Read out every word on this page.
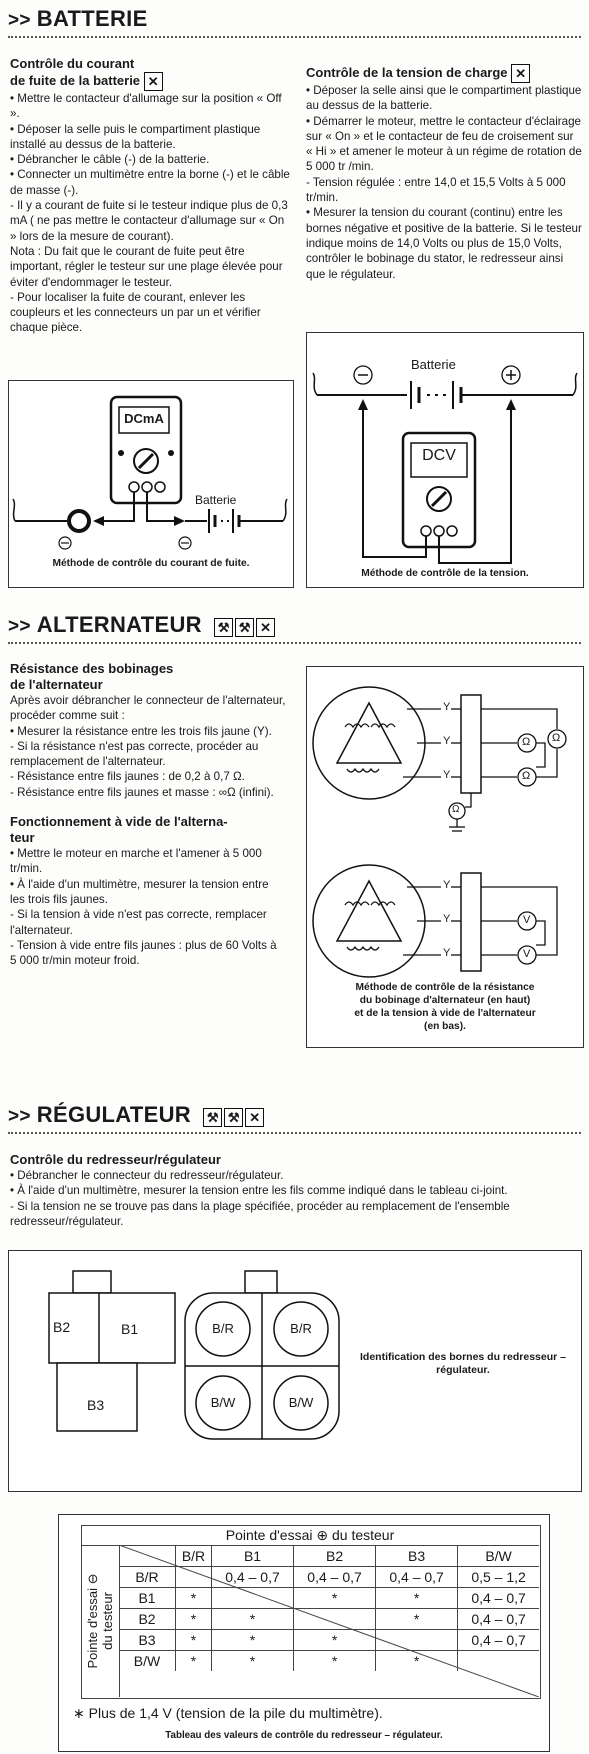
>> BATTERIE

Contrôle du courant

de fuite de la batterie ✕

• Mettre le contacteur d'allumage sur la position « Off ».

• Déposer la selle puis le compartiment plastique installé au dessus de la batterie.

• Débrancher le câble (-) de la batterie.

• Connecter un multimètre entre la borne (-) et le câble de masse (-).

- Il y a courant de fuite si le testeur indique plus de 0,3 mA ( ne pas mettre le contacteur d'allumage sur « On » lors de la mesure de courant).

Nota : Du fait que le courant de fuite peut être important, régler le testeur sur une plage élevée pour éviter d'endommager le testeur.

- Pour localiser la fuite de courant, enlever les coupleurs et les connecteurs un par un et vérifier chaque pièce.

Contrôle de la tension de charge ✕

• Déposer la selle ainsi que le compartiment plastique au dessus de la batterie.

• Démarrer le moteur, mettre le contacteur d'éclairage sur « On » et le contacteur de feu de croisement sur « Hi » et amener le moteur à un régime de rotation de 5 000 tr /min.

- Tension régulée : entre 14,0 et 15,5 Volts à 5 000 tr/min.

• Mesurer la tension du courant (continu) entre les bornes négative et positive de la batterie. Si le testeur indique moins de 14,0 Volts ou plus de 15,0 Volts, contrôler le bobinage du stator, le redresseur ainsi que le régulateur.

DCmA
Batterie
Méthode de contrôle du courant de fuite.
DCV
Batterie
Méthode de contrôle de la tension.
>> ALTERNATEUR ⚒ ⚒ ✕

Résistance des bobinages

de l'alternateur

Après avoir débrancher le connecteur de l'alternateur, procéder comme suit :

• Mesurer la résistance entre les trois fils jaune (Y).

- Si la résistance n'est pas correcte, procéder au remplacement de l'alternateur.

- Résistance entre fils jaunes : de 0,2 à 0,7 Ω.

- Résistance entre fils jaunes et masse : ∞Ω (infini).

Fonctionnement à vide de l'alterna-

teur

• Mettre le moteur en marche et l'amener à 5 000 tr/min.

• À l'aide d'un multimètre, mesurer la tension entre les trois fils jaunes.

- Si la tension à vide n'est pas correcte, remplacer l'alternateur.

- Tension à vide entre fils jaunes : plus de 60 Volts à 5 000 tr/min moteur froid.

Y
Y
Y
Ω
Ω
Ω
Ω
Y
Y
Y
V
V
Méthode de contrôle de la résistance
du bobinage d'alternateur (en haut)
et de la tension à vide de l'alternateur
(en bas).
>> RÉGULATEUR ⚒ ⚒ ✕

Contrôle du redresseur/régulateur

• Débrancher le connecteur du redresseur/régulateur.

• À l'aide d'un multimètre, mesurer la tension entre les fils comme indiqué dans le tableau ci-joint.

- Si la tension ne se trouve pas dans la plage spécifiée, procéder au remplacement de l'ensemble redresseur/régulateur.

B2	B1
B3
B/R	B/R
B/W	B/W
Identification des bornes du redresseur –
régulateur.
Pointe d'essai ⊕ du testeur
Pointe d'essai ⊖ du testeur
	B/R	B1	B2	B3	B/W
B/R		0,4 – 0,7	0,4 – 0,7	0,4 – 0,7	0,5 – 1,2
B1	*		*	*	0,4 – 0,7
B2	*	*		*	0,4 – 0,7
B3	*	*	*		0,4 – 0,7
B/W	*	*	*	*	
∗ Plus de 1,4 V (tension de la pile du multimètre).
Tableau des valeurs de contrôle du redresseur – régulateur.
